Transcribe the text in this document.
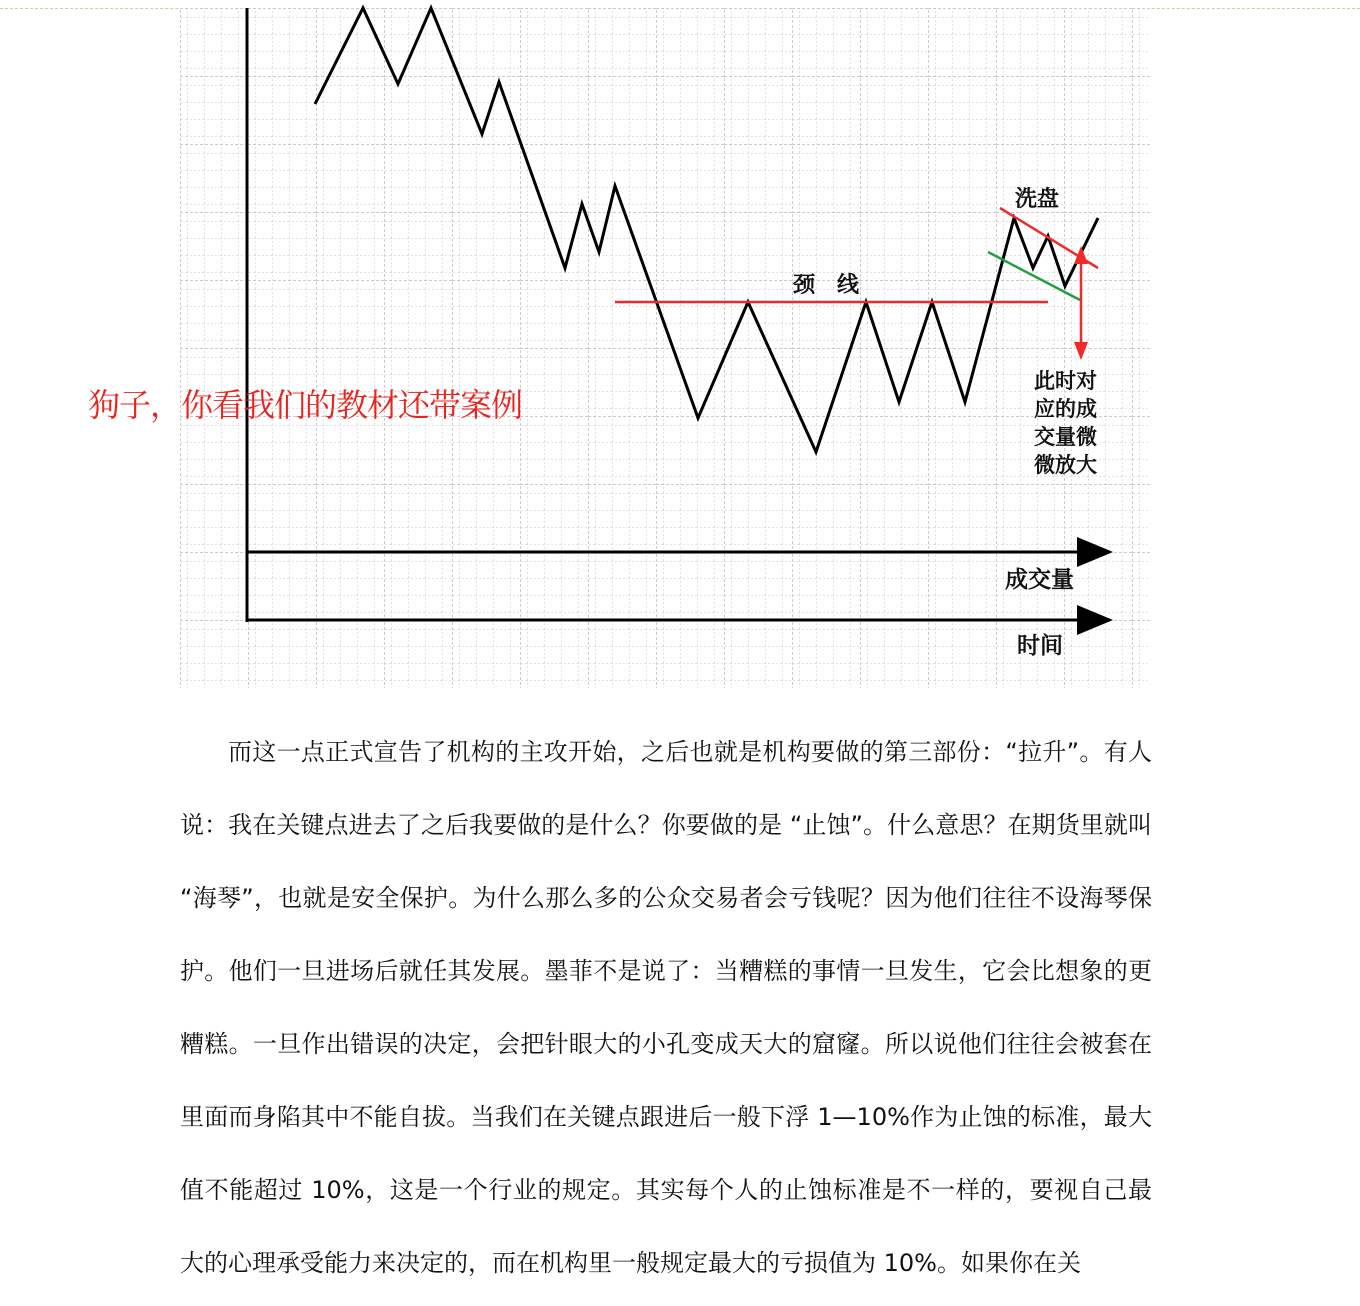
洗盘
颈　线
此时对
应的成
交量微
微放大
成交量
时间
狗子，你看我们的教材还带案例

而这一点正式宣告了机构的主攻开始，之后也就是机构要做的第三部份：“拉升”。有人说：我在关键点进去了之后我要做的是什么？你要做的是 “止蚀”。什么意思？在期货里就叫 “海琴”，也就是安全保护。为什么那么多的公众交易者会亏钱呢？因为他们往往不设海琴保护。他们一旦进场后就任其发展。墨菲不是说了：当糟糕的事情一旦发生，它会比想象的更糟糕。一旦作出错误的决定，会把针眼大的小孔变成天大的窟窿。所以说他们往往会被套在里面而身陷其中不能自拔。当我们在关键点跟进后一般下浮 1—10%作为止蚀的标准，最大值不能超过 10%，这是一个行业的规定。其实每个人的止蚀标准是不一样的，要视自己最大的心理承受能力来决定的，而在机构里一般规定最大的亏损值为 10%。如果你在关
